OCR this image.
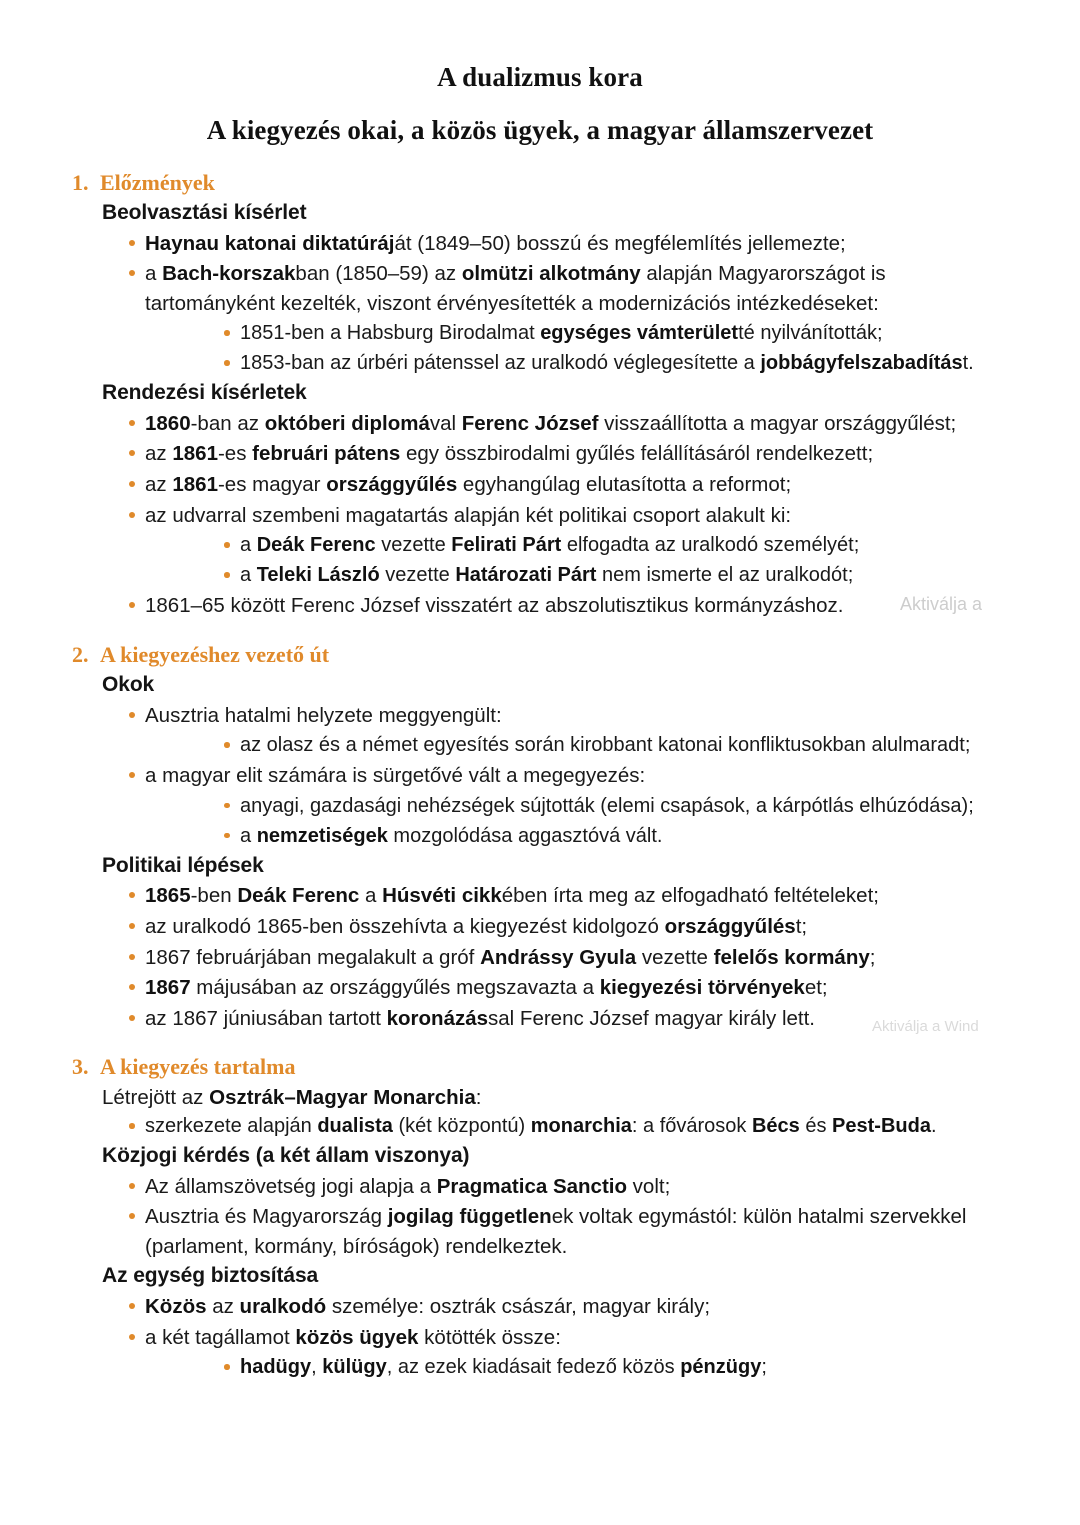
A dualizmus kora
A kiegyezés okai, a közös ügyek, a magyar államszervezet
1. Előzmények
Beolvasztási kísérlet
Haynau katonai diktatúráját (1849–50) bosszú és megfélemlítés jellemezte;
a Bach-korszakban (1850–59) az olmützi alkotmány alapján Magyarországot is tartományként kezelték, viszont érvényesítették a modernizációs intézkedéseket:
1851-ben a Habsburg Birodalmat egységes vámterületté nyilvánították;
1853-ban az úrbéri pátenssel az uralkodó véglegesítette a jobbágyfelszabadítást.
Rendezési kísérletek
1860-ban az októberi diplomával Ferenc József visszaállította a magyar országgyűlést;
az 1861-es februári pátens egy összbirodalmi gyűlés felállításáról rendelkezett;
az 1861-es magyar országgyűlés egyhangúlag elutasította a reformot;
az udvarral szembeni magatartás alapján két politikai csoport alakult ki:
a Deák Ferenc vezette Felirati Párt elfogadta az uralkodó személyét;
a Teleki László vezette Határozati Párt nem ismerte el az uralkodót;
1861–65 között Ferenc József visszatért az abszolutisztikus kormányzáshoz.
2. A kiegyezéshez vezető út
Okok
Ausztria hatalmi helyzete meggyengült:
az olasz és a német egyesítés során kirobbant katonai konfliktusokban alulmaradt;
a magyar elit számára is sürgetővé vált a megegyezés:
anyagi, gazdasági nehézségek sújtották (elemi csapások, a kárpótlás elhúzódása);
a nemzetiségek mozgolódása aggasztóvá vált.
Politikai lépések
1865-ben Deák Ferenc a Húsvéti cikkében írta meg az elfogadható feltételeket;
az uralkodó 1865-ben összehívta a kiegyezést kidolgozó országgyűlést;
1867 februárjában megalakult a gróf Andrássy Gyula vezette felelős kormány;
1867 májusában az országgyűlés megszavazta a kiegyezési törvényeket;
az 1867 júniusában tartott koronázással Ferenc József magyar király lett.
3. A kiegyezés tartalma
Létrejött az Osztrák–Magyar Monarchia:
szerkezete alapján dualista (két központú) monarchia: a fővárosok Bécs és Pest-Buda.
Közjogi kérdés (a két állam viszonya)
Az államszövetség jogi alapja a Pragmatica Sanctio volt;
Ausztria és Magyarország jogilag függetlenek voltak egymástól: külön hatalmi szervekkel (parlament, kormány, bíróságok) rendelkeztek.
Az egység biztosítása
Közös az uralkodó személye: osztrák császár, magyar király;
a két tagállamot közös ügyek kötötték össze:
hadügy, külügy, az ezek kiadásait fedező közös pénzügy;
Aktiválja a
Aktiválja a Wind
